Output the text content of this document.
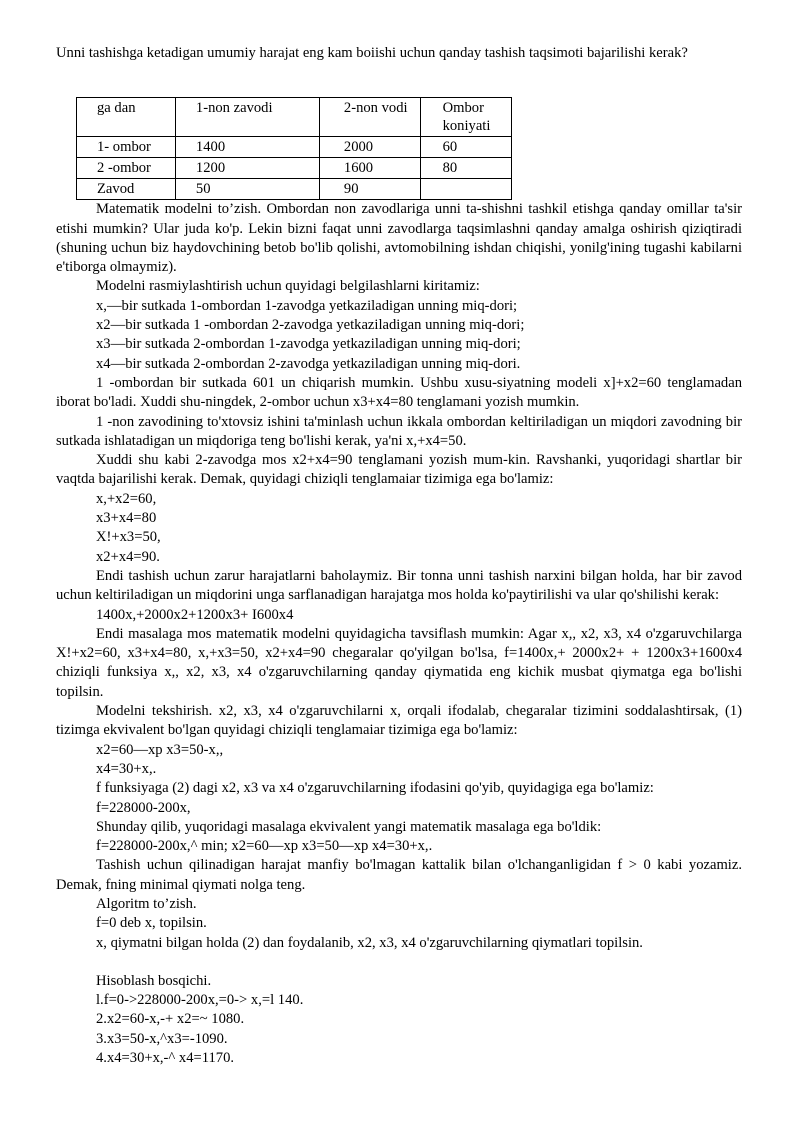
Unni tashishga ketadigan umumiy harajat eng kam boiishi uchun qanday tashish taqsimoti bajarilishi kerak?

ga dan	1-non zavodi	2-non vodi	Ombor koniyati
1- ombor	1400	2000	60
2 -ombor	1200	1600	80
Zavod	50	90	

Matematik modelni to’zish. Ombordan non zavodlariga unni ta-shishni tashkil etishga qanday omillar ta'sir etishi mumkin? Ular juda ko'p. Lekin bizni faqat unni zavodlarga taqsimlashni qanday amalga oshirish qiziqtiradi (shuning uchun biz haydovchining betob bo'lib qolishi, avtomobilning ishdan chiqishi, yonilg'ining tugashi kabilarni e'tiborga olmaymiz).

Modelni rasmiylashtirish uchun quyidagi belgilashlarni kiritamiz:

x,—bir sutkada 1-ombordan 1-zavodga yetkaziladigan unning miq-dori;

x2—bir sutkada 1 -ombordan 2-zavodga yetkaziladigan unning miq-dori;

x3—bir sutkada 2-ombordan 1-zavodga yetkaziladigan unning miq-dori;

x4—bir sutkada 2-ombordan 2-zavodga yetkaziladigan unning miq-dori.

1 -ombordan bir sutkada 601 un chiqarish mumkin. Ushbu xusu-siyatning modeli x]+x2=60 tenglamadan iborat bo'ladi. Xuddi shu-ningdek, 2-ombor uchun x3+x4=80 tenglamani yozish mumkin.

1 -non zavodining to'xtovsiz ishini ta'minlash uchun ikkala ombordan keltiriladigan un miqdori zavodning bir sutkada ishlatadigan un miqdoriga teng bo'lishi kerak, ya'ni x,+x4=50.

Xuddi shu kabi 2-zavodga mos x2+x4=90 tenglamani yozish mum-kin. Ravshanki, yuqoridagi shartlar bir vaqtda bajarilishi kerak. Demak, quyidagi chiziqli tenglamaiar tizimiga ega bo'lamiz:

x,+x2=60,

x3+x4=80

X!+x3=50,

x2+x4=90.

Endi tashish uchun zarur harajatlarni baholaymiz. Bir tonna unni tashish narxini bilgan holda, har bir zavod uchun keltiriladigan un miqdorini unga sarflanadigan harajatga mos holda ko'paytirilishi va ular qo'shilishi kerak:

1400x,+2000x2+1200x3+ I600x4

Endi masalaga mos matematik modelni quyidagicha tavsiflash mumkin: Agar x,, x2, x3, x4 o'zgaruvchilarga X!+x2=60, x3+x4=80, x,+x3=50, x2+x4=90 chegaralar qo'yilgan bo'lsa, f=1400x,+ 2000x2+ + 1200x3+1600x4 chiziqli funksiya x,, x2, x3, x4 o'zgaruvchilarning qanday qiymatida eng kichik musbat qiymatga ega bo'lishi topilsin.

Modelni tekshirish. x2, x3, x4 o'zgaruvchilarni x, orqali ifodalab, chegaralar tizimini soddalashtirsak, (1) tizimga ekvivalent bo'lgan quyidagi chiziqli tenglamaiar tizimiga ega bo'lamiz:

x2=60—xp x3=50-x,,

x4=30+x,.

f funksiyaga (2) dagi x2, x3 va x4 o'zgaruvchilarning ifodasini qo'yib, quyidagiga ega bo'lamiz:

f=228000-200x,

Shunday qilib, yuqoridagi masalaga ekvivalent yangi matematik masalaga ega bo'ldik:

f=228000-200x,^ min; x2=60—xp x3=50—xp x4=30+x,.

Tashish uchun qilinadigan harajat manfiy bo'lmagan kattalik bilan o'lchanganligidan f > 0 kabi yozamiz. Demak, fning minimal qiymati nolga teng.

Algoritm to’zish.

f=0 deb x, topilsin.

x, qiymatni bilgan holda (2) dan foydalanib, x2, x3, x4 o'zgaruvchilarning qiymatlari topilsin.

Hisoblash bosqichi.

l.f=0->228000-200x,=0-> x,=l 140.

2.x2=60-x,-+ x2=~ 1080.

3.x3=50-x,^x3=-1090.

4.x4=30+x,-^ x4=1170.
